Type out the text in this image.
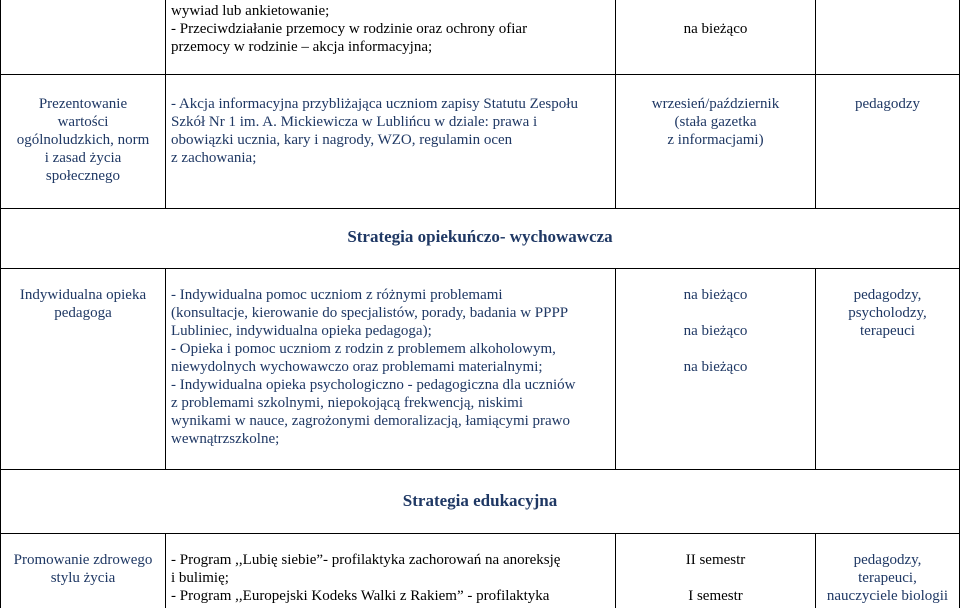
wywiad lub ankietowanie;
- Przeciwdziałanie przemocy w rodzinie oraz ochrony ofiar
przemocy w rodzinie – akcja informacyjna;
na bieżąco
Prezentowanie
wartości
ogólnoludzkich, norm
i zasad życia
społecznego
- Akcja informacyjna przybliżająca uczniom zapisy Statutu Zespołu
Szkół Nr 1 im. A. Mickiewicza w Lublińcu w dziale: prawa i
obowiązki ucznia, kary i nagrody, WZO, regulamin ocen
z zachowania;
wrzesień/październik
(stała gazetka
z informacjami)
pedagodzy
Strategia opiekuńczo- wychowawcza
Indywidualna opieka
pedagoga
- Indywidualna pomoc uczniom z różnymi problemami
(konsultacje, kierowanie do specjalistów, porady, badania w PPPP
Lubliniec, indywidualna opieka pedagoga);
- Opieka i pomoc uczniom z rodzin z problemem alkoholowym,
niewydolnych wychowawczo oraz problemami materialnymi;
- Indywidualna opieka psychologiczno - pedagogiczna dla uczniów
z problemami szkolnymi, niepokojącą frekwencją, niskimi
wynikami w nauce, zagrożonymi demoralizacją, łamiącymi prawo
wewnątrzszkolne;
na bieżąco
na bieżąco
na bieżąco
pedagodzy,
psycholodzy,
terapeuci
Strategia edukacyjna
Promowanie zdrowego
stylu życia
- Program ,,Lubię siebie”- profilaktyka zachorowań na anoreksję
i bulimię;
- Program ,,Europejski Kodeks Walki z Rakiem” - profilaktyka
II semestr
I semestr
pedagodzy,
terapeuci,
nauczyciele biologii
